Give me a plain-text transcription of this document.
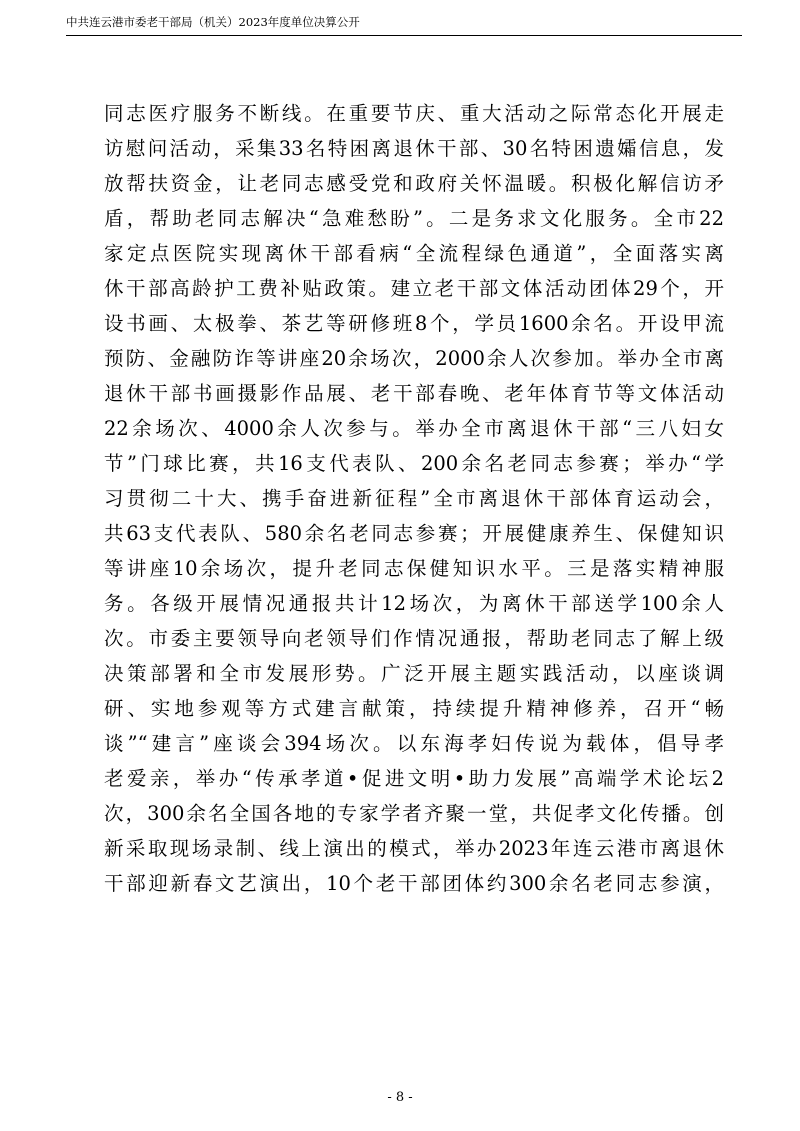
中共连云港市委老干部局（机关）2023年度单位决算公开
同志医疗服务不断线。在重要节庆、重大活动之际常态化开展走
访慰问活动，采集33名特困离退休干部、30名特困遗孀信息，发
放帮扶资金，让老同志感受党和政府关怀温暖。积极化解信访矛
盾，帮助老同志解决“急难愁盼”。二是务求文化服务。全市22
家定点医院实现离休干部看病“全流程绿色通道”，全面落实离
休干部高龄护工费补贴政策。建立老干部文体活动团体29个，开
设书画、太极拳、茶艺等研修班8个，学员1600余名。开设甲流
预防、金融防诈等讲座20余场次，2000余人次参加。举办全市离
退休干部书画摄影作品展、老干部春晚、老年体育节等文体活动
22余场次、4000余人次参与。举办全市离退休干部“三八妇女
节”门球比赛，共16支代表队、200余名老同志参赛；举办“学
习贯彻二十大、携手奋进新征程”全市离退休干部体育运动会，
共63支代表队、580余名老同志参赛；开展健康养生、保健知识
等讲座10余场次，提升老同志保健知识水平。三是落实精神服
务。各级开展情况通报共计12场次，为离休干部送学100余人
次。市委主要领导向老领导们作情况通报，帮助老同志了解上级
决策部署和全市发展形势。广泛开展主题实践活动，以座谈调
研、实地参观等方式建言献策，持续提升精神修养，召开“畅
谈”“建言”座谈会394场次。以东海孝妇传说为载体，倡导孝
老爱亲，举办“传承孝道•促进文明•助力发展”高端学术论坛2
次，300余名全国各地的专家学者齐聚一堂，共促孝文化传播。创
新采取现场录制、线上演出的模式，举办2023年连云港市离退休
干部迎新春文艺演出，10个老干部团体约300余名老同志参演，
- 8 -
